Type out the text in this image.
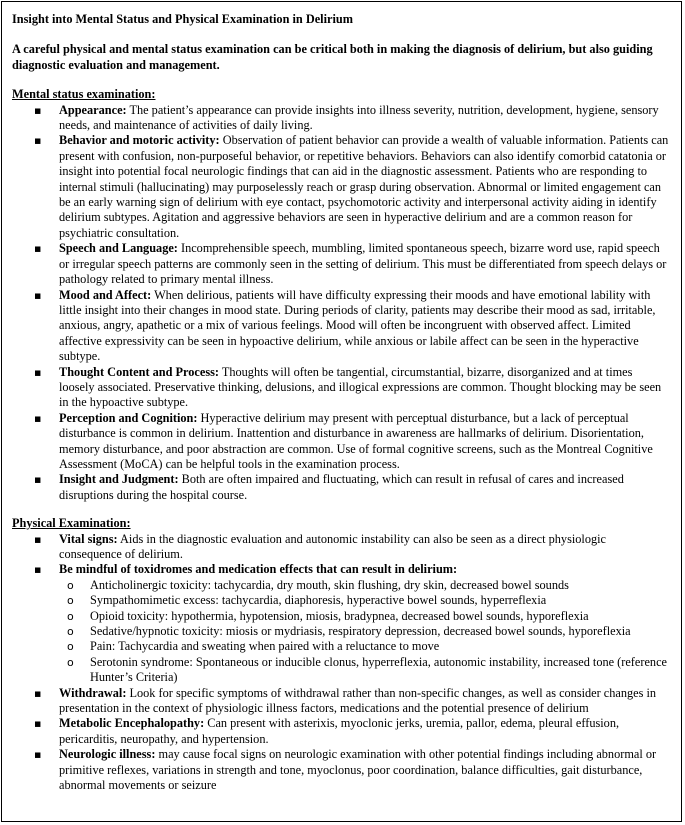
Insight into Mental Status and Physical Examination in Delirium

A careful physical and mental status examination can be critical both in making the diagnosis of delirium, but also guiding diagnostic evaluation and management.

Mental status examination:

▪ Appearance: The patient’s appearance can provide insights into illness severity, nutrition, development, hygiene, sensory needs, and maintenance of activities of daily living.
▪ Behavior and motoric activity: Observation of patient behavior can provide a wealth of valuable information. Patients can present with confusion, non-purposeful behavior, or repetitive behaviors. Behaviors can also identify comorbid catatonia or insight into potential focal neurologic findings that can aid in the diagnostic assessment. Patients who are responding to internal stimuli (hallucinating) may purposelessly reach or grasp during observation. Abnormal or limited engagement can be an early warning sign of delirium with eye contact, psychomotoric activity and interpersonal activity aiding in identify delirium subtypes. Agitation and aggressive behaviors are seen in hyperactive delirium and are a common reason for psychiatric consultation.
▪ Speech and Language: Incomprehensible speech, mumbling, limited spontaneous speech, bizarre word use, rapid speech or irregular speech patterns are commonly seen in the setting of delirium. This must be differentiated from speech delays or pathology related to primary mental illness.
▪ Mood and Affect: When delirious, patients will have difficulty expressing their moods and have emotional lability with little insight into their changes in mood state. During periods of clarity, patients may describe their mood as sad, irritable, anxious, angry, apathetic or a mix of various feelings. Mood will often be incongruent with observed affect. Limited affective expressivity can be seen in hypoactive delirium, while anxious or labile affect can be seen in the hyperactive subtype.
▪ Thought Content and Process: Thoughts will often be tangential, circumstantial, bizarre, disorganized and at times loosely associated. Preservative thinking, delusions, and illogical expressions are common. Thought blocking may be seen in the hypoactive subtype.
▪ Perception and Cognition: Hyperactive delirium may present with perceptual disturbance, but a lack of perceptual disturbance is common in delirium. Inattention and disturbance in awareness are hallmarks of delirium. Disorientation, memory disturbance, and poor abstraction are common. Use of formal cognitive screens, such as the Montreal Cognitive Assessment (MoCA) can be helpful tools in the examination process.
▪ Insight and Judgment: Both are often impaired and fluctuating, which can result in refusal of cares and increased disruptions during the hospital course.

Physical Examination:

▪ Vital signs: Aids in the diagnostic evaluation and autonomic instability can also be seen as a direct physiologic consequence of delirium.
▪ Be mindful of toxidromes and medication effects that can result in delirium:
o Anticholinergic toxicity: tachycardia, dry mouth, skin flushing, dry skin, decreased bowel sounds
o Sympathomimetic excess: tachycardia, diaphoresis, hyperactive bowel sounds, hyperreflexia
o Opioid toxicity: hypothermia, hypotension, miosis, bradypnea, decreased bowel sounds, hyporeflexia
o Sedative/hypnotic toxicity: miosis or mydriasis, respiratory depression, decreased bowel sounds, hyporeflexia
o Pain: Tachycardia and sweating when paired with a reluctance to move
o Serotonin syndrome: Spontaneous or inducible clonus, hyperreflexia, autonomic instability, increased tone (reference Hunter’s Criteria)
▪ Withdrawal: Look for specific symptoms of withdrawal rather than non-specific changes, as well as consider changes in presentation in the context of physiologic illness factors, medications and the potential presence of delirium
▪ Metabolic Encephalopathy: Can present with asterixis, myoclonic jerks, uremia, pallor, edema, pleural effusion, pericarditis, neuropathy, and hypertension.
▪ Neurologic illness: may cause focal signs on neurologic examination with other potential findings including abnormal or primitive reflexes, variations in strength and tone, myoclonus, poor coordination, balance difficulties, gait disturbance, abnormal movements or seizure
